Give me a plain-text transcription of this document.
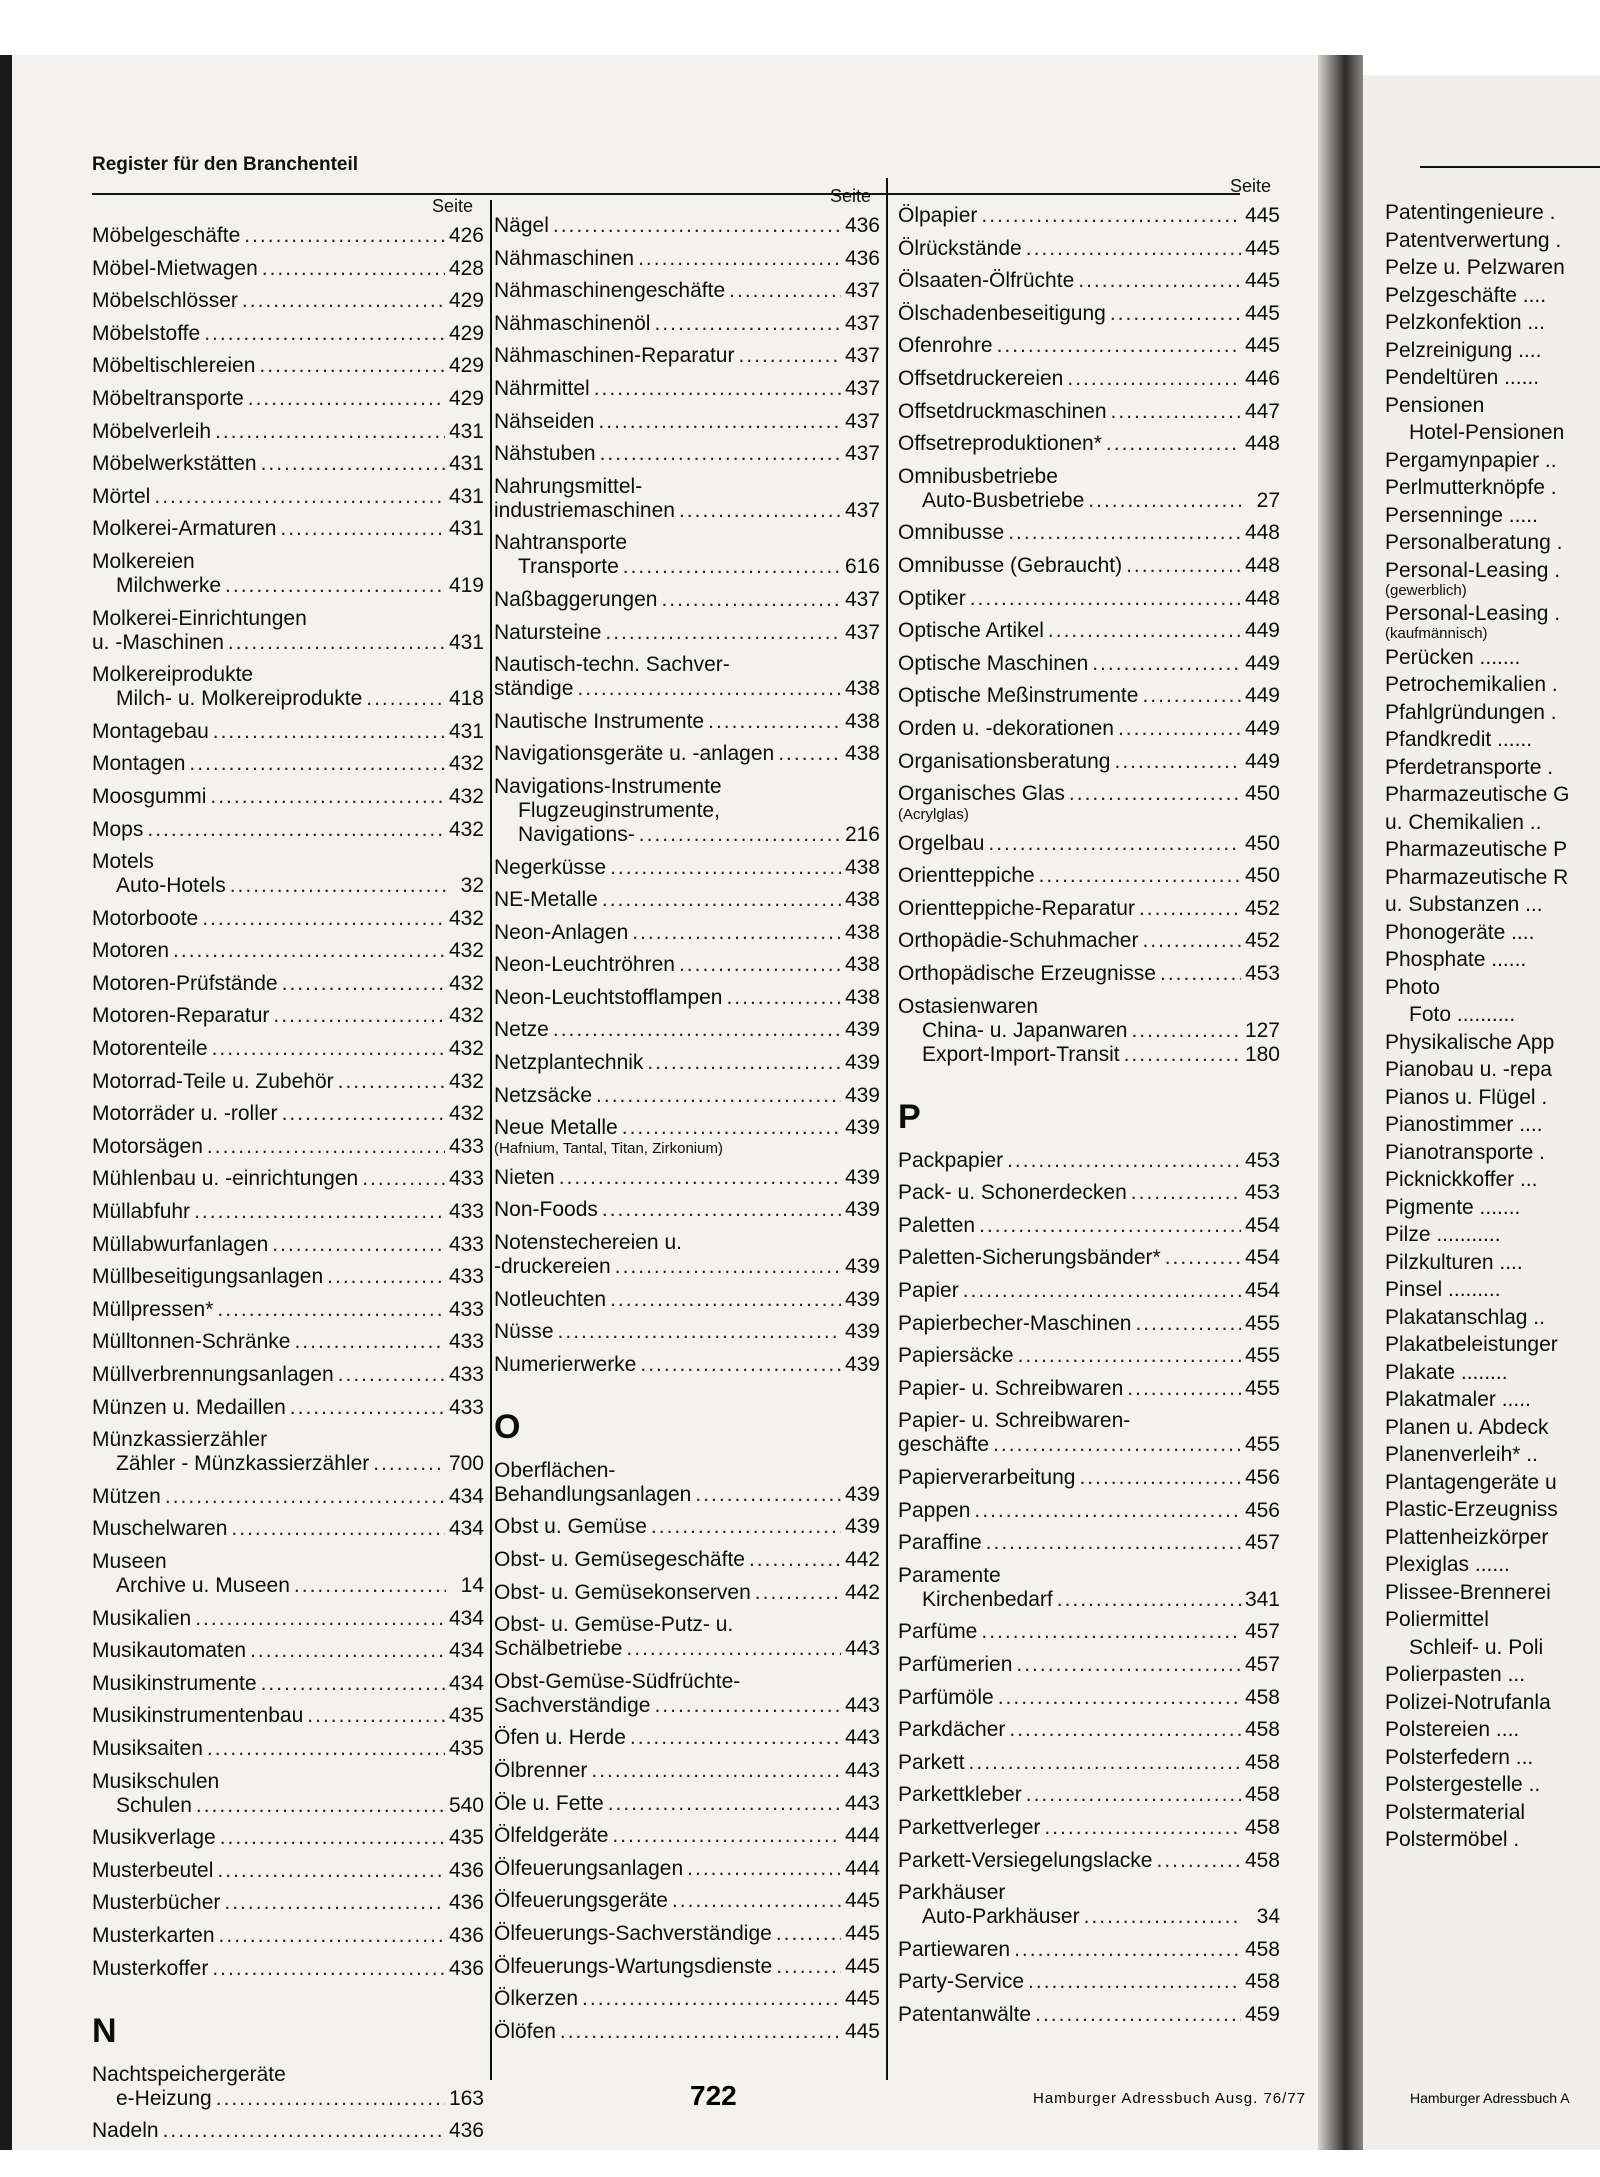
Register für den Branchenteil
Seite	Seite	Seite
Möbelgeschäfte .....	426
Möbel-Mietwagen .....	428
Möbelschlösser .....	429
Möbelstoffe .....	429
Möbeltischlereien .....	429
Möbeltransporte .....	429
Möbelverleih .....	431
Möbelwerkstätten .....	431
Mörtel .....	431
Molkerei-Armaturen .....	431
Molkereien
Milchwerke .....	419
Molkerei-Einrichtungen
u. -Maschinen .....	431
Molkereiprodukte
Milch- u. Molkereiprodukte .....	418
Montagebau .....	431
Montagen .....	432
Moosgummi .....	432
Mops .....	432
Motels
Auto-Hotels .....	32
Motorboote .....	432
Motoren .....	432
Motoren-Prüfstände .....	432
Motoren-Reparatur .....	432
Motorenteile .....	432
Motorrad-Teile u. Zubehör .....	432
Motorräder u. -roller .....	432
Motorsägen .....	433
Mühlenbau u. -einrichtungen .....	433
Müllabfuhr .....	433
Müllabwurfanlagen .....	433
Müllbeseitigungsanlagen .....	433
Müllpressen* .....	433
Mülltonnen-Schränke .....	433
Müllverbrennungsanlagen .....	433
Münzen u. Medaillen .....	433
Münzkassierzähler
Zähler - Münzkassierzähler .....	700
Mützen .....	434
Muschelwaren .....	434
Museen
Archive u. Museen .....	14
Musikalien .....	434
Musikautomaten .....	434
Musikinstrumente .....	434
Musikinstrumentenbau .....	435
Musiksaiten .....	435
Musikschulen
Schulen .....	540
Musikverlage .....	435
Musterbeutel .....	436
Musterbücher .....	436
Musterkarten .....	436
Musterkoffer .....	436
N
Nachtspeichergeräte
e-Heizung .....	163
Nadeln .....	436
Nägel .....	436
Nähmaschinen .....	436
Nähmaschinengeschäfte .....	437
Nähmaschinenöl .....	437
Nähmaschinen-Reparatur .....	437
Nährmittel .....	437
Nähseiden .....	437
Nähstuben .....	437
Nahrungsmittel-
industriemaschinen .....	437
Nahtransporte
Transporte .....	616
Naßbaggerungen .....	437
Natursteine .....	437
Nautisch-techn. Sachver-
ständige .....	438
Nautische Instrumente .....	438
Navigationsgeräte u. -anlagen .....	438
Navigations-Instrumente
Flugzeuginstrumente,
Navigations- .....	216
Negerküsse .....	438
NE-Metalle .....	438
Neon-Anlagen .....	438
Neon-Leuchtröhren .....	438
Neon-Leuchtstofflampen .....	438
Netze .....	439
Netzplantechnik .....	439
Netzsäcke .....	439
Neue Metalle .....	439
(Hafnium, Tantal, Titan, Zirkonium)
Nieten .....	439
Non-Foods .....	439
Notenstechereien u.
-druckereien .....	439
Notleuchten .....	439
Nüsse .....	439
Numerierwerke .....	439
O
Oberflächen-
Behandlungsanlagen .....	439
Obst u. Gemüse .....	439
Obst- u. Gemüsegeschäfte .....	442
Obst- u. Gemüsekonserven .....	442
Obst- u. Gemüse-Putz- u.
Schälbetriebe .....	443
Obst-Gemüse-Südfrüchte-
Sachverständige .....	443
Öfen u. Herde .....	443
Ölbrenner .....	443
Öle u. Fette .....	443
Ölfeldgeräte .....	444
Ölfeuerungsanlagen .....	444
Ölfeuerungsgeräte .....	445
Ölfeuerungs-Sachverständige .....	445
Ölfeuerungs-Wartungsdienste .....	445
Ölkerzen .....	445
Ölöfen .....	445
Ölpapier .....	445
Ölrückstände .....	445
Ölsaaten-Ölfrüchte .....	445
Ölschadenbeseitigung .....	445
Ofenrohre .....	445
Offsetdruckereien .....	446
Offsetdruckmaschinen .....	447
Offsetreproduktionen* .....	448
Omnibusbetriebe
Auto-Busbetriebe .....	27
Omnibusse .....	448
Omnibusse (Gebraucht) .....	448
Optiker .....	448
Optische Artikel .....	449
Optische Maschinen .....	449
Optische Meßinstrumente .....	449
Orden u. -dekorationen .....	449
Organisationsberatung .....	449
Organisches Glas .....	450
(Acrylglas)
Orgelbau .....	450
Orientteppiche .....	450
Orientteppiche-Reparatur .....	452
Orthopädie-Schuhmacher .....	452
Orthopädische Erzeugnisse .....	453
Ostasienwaren
China- u. Japanwaren .....	127
Export-Import-Transit .....	180
P
Packpapier .....	453
Pack- u. Schonerdecken .....	453
Paletten .....	454
Paletten-Sicherungsbänder* .....	454
Papier .....	454
Papierbecher-Maschinen .....	455
Papiersäcke .....	455
Papier- u. Schreibwaren .....	455
Papier- u. Schreibwaren-
geschäfte .....	455
Papierverarbeitung .....	456
Pappen .....	456
Paraffine .....	457
Paramente
Kirchenbedarf .....	341
Parfüme .....	457
Parfümerien .....	457
Parfümöle .....	458
Parkdächer .....	458
Parkett .....	458
Parkettkleber .....	458
Parkettverleger .....	458
Parkett-Versiegelungslacke .....	458
Parkhäuser
Auto-Parkhäuser .....	34
Partiewaren .....	458
Party-Service .....	458
Patentanwälte .....	459
Patentingenieure .
Patentverwertung .
Pelze u. Pelzwaren
Pelzgeschäfte ....
Pelzkonfektion ...
Pelzreinigung ....
Pendeltüren ......
Pensionen
Hotel-Pensionen
Pergamynpapier ..
Perlmutterknöpfe .
Persenninge .....
Personalberatung .
Personal-Leasing .
(gewerblich)
Personal-Leasing .
(kaufmännisch)
Perücken .......
Petrochemikalien .
Pfahlgründungen .
Pfandkredit ......
Pferdetransporte .
Pharmazeutische G
u. Chemikalien ..
Pharmazeutische P
Pharmazeutische R
u. Substanzen ...
Phonogeräte ....
Phosphate ......
Photo
Foto ..........
Physikalische App
Pianobau u. -repa
Pianos u. Flügel .
Pianostimmer ....
Pianotransporte .
Picknickkoffer ...
Pigmente .......
Pilze ...........
Pilzkulturen ....
Pinsel .........
Plakatanschlag ..
Plakatbeleistunger
Plakate ........
Plakatmaler .....
Planen u. Abdeck
Planenverleih* ..
Plantagengeräte u
Plastic-Erzeugniss
Plattenheizkörper
Plexiglas ......
Plissee-Brennerei
Poliermittel
Schleif- u. Poli
Polierpasten ...
Polizei-Notrufanla
Polstereien ....
Polsterfedern ...
Polstergestelle ..
Polstermaterial
Polstermöbel .
722	Hamburger Adressbuch Ausg. 76/77	Hamburger Adressbuch A
